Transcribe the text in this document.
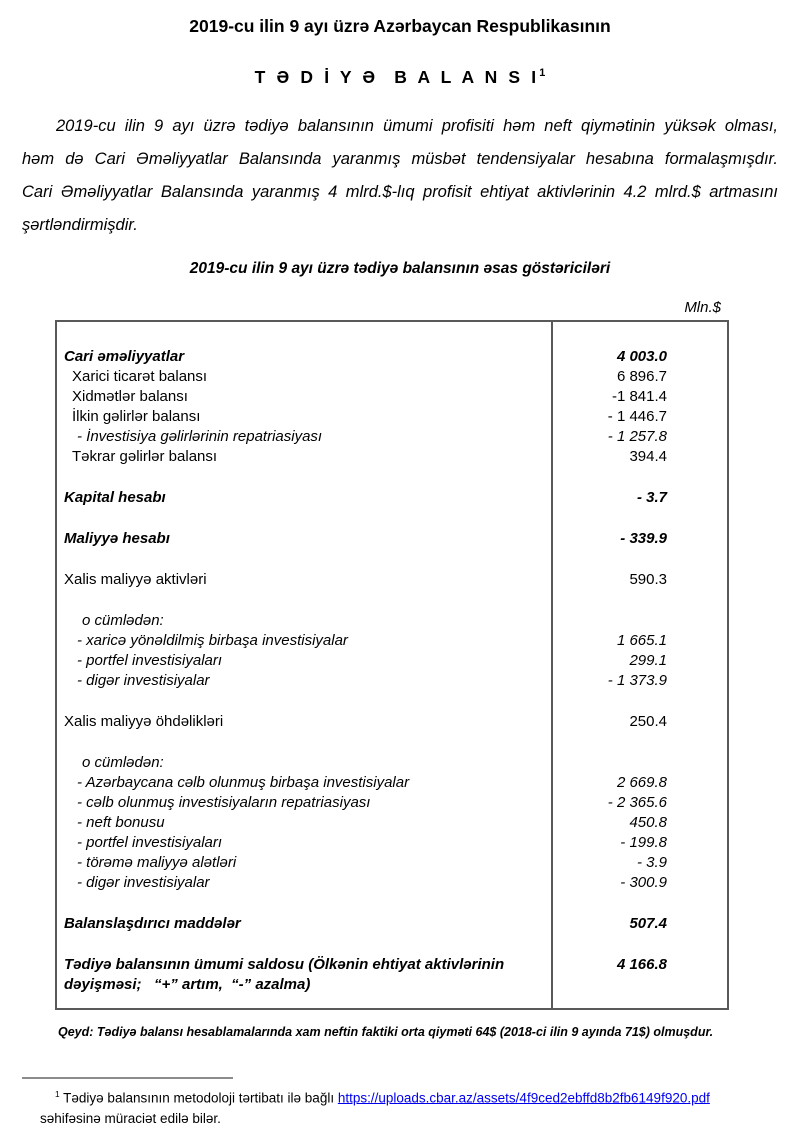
2019-cu ilin 9 ayı üzrə Azərbaycan Respublikasının
T Ə D İ Y Ə  B A L A N S $I^1$
2019-cu ilin 9 ayı üzrə tədiyə balansının ümumi profisiti həm neft qiymətinin yüksək olması,
həm də Cari Əməliyyatlar Balansında yaranmış müsbət tendensiyalar hesabına formalaşmışdır.
Cari Əməliyyatlar Balansında yaranmış 4 mlrd.$-lıq profisit ehtiyat aktivlərinin 4.2 mlrd.$ artmasını
şərtləndirmişdir.
2019-cu ilin 9 ayı üzrə tədiyə balansının əsas göstəriciləri
Mln.$
Cari əməliyyatlar	4 003.0
Xarici ticarət balansı	6 896.7
Xidmətlər balansı	-1 841.4
İlkin gəlirlər balansı	- 1 446.7
- İnvestisiya gəlirlərinin repatriasiyası	- 1 257.8
Təkrar gəlirlər balansı	394.4
Kapital hesabı	- 3.7
Maliyyə hesabı	- 339.9
Xalis maliyyə aktivləri	590.3
o cümlədən:
- xaricə yönəldilmiş birbaşa investisiyalar	1 665.1
- portfel investisiyaları	299.1
- digər investisiyalar	- 1 373.9
Xalis maliyyə öhdəlikləri	250.4
o cümlədən:
- Azərbaycana cəlb olunmuş birbaşa investisiyalar	2 669.8
- cəlb olunmuş investisiyaların repatriasiyası	- 2 365.6
- neft bonusu	450.8
- portfel investisiyaları	- 199.8
- törəmə maliyyə alətləri	- 3.9
- digər investisiyalar	- 300.9
Balanslaşdırıcı maddələr	507.4
Tədiyə balansının ümumi saldosu (Ölkənin ehtiyat aktivlərinin dəyişməsi;   “+” artım,  “-” azalma)
4 166.8
Qeyd: Tədiyə balansı hesablamalarında xam neftin faktiki orta qiyməti 64$ (2018-ci ilin 9 ayında 71$) olmuşdur.
$^1$ Tədiyə balansının metodoloji tərtibatı ilə bağlı https://uploads.cbar.az/assets/4f9ced2ebffd8b2fb6149f920.pdf
səhifəsinə müraciət edilə bilər.
